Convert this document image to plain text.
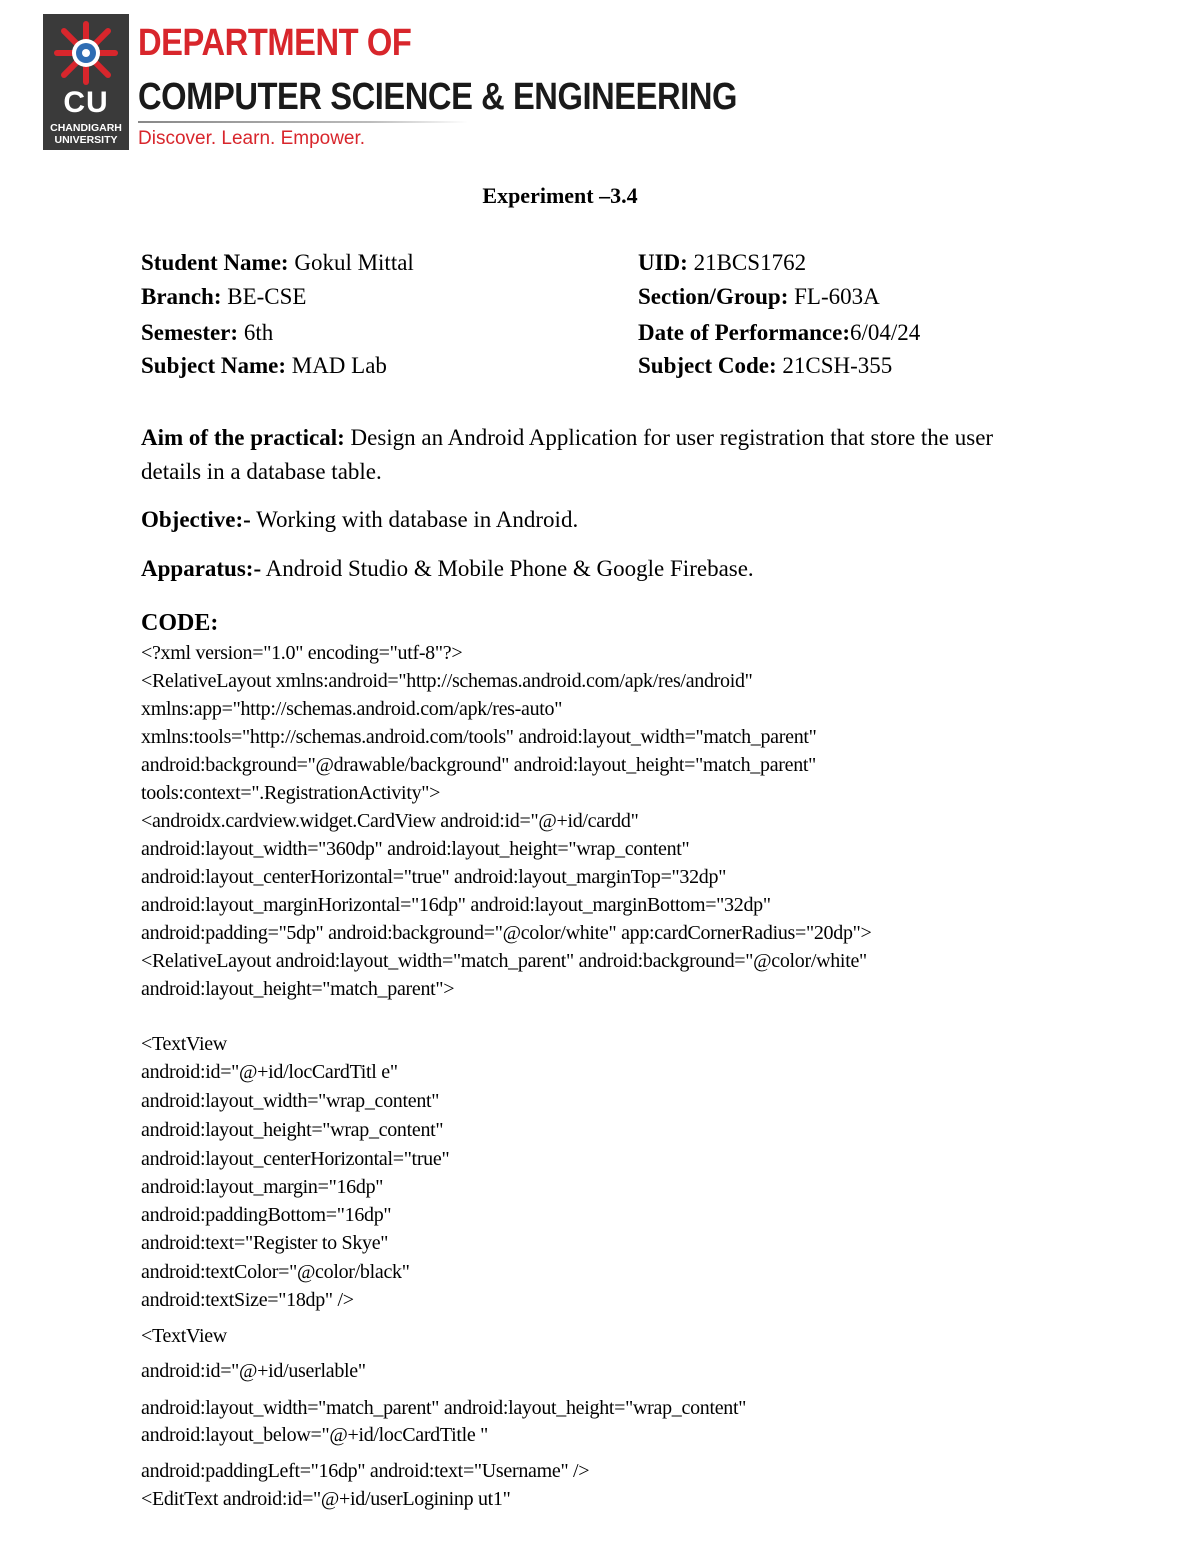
CU
CHANDIGARH UNIVERSITY
DEPARTMENT OF
COMPUTER SCIENCE & ENGINEERING
Discover. Learn. Empower.
Experiment –3.4
Student Name: Gokul Mittal	UID: 21BCS1762
Branch: BE-CSE	Section/Group: FL-603A
Semester: 6th	Date of Performance:6/04/24
Subject Name: MAD Lab	Subject Code: 21CSH-355
Aim of the practical: Design an Android Application for user registration that store the user details in a database table.
Objective:- Working with database in Android.
Apparatus:- Android Studio & Mobile Phone & Google Firebase.
CODE:
<?xml version="1.0" encoding="utf-8"?>
<RelativeLayout xmlns:android="http://schemas.android.com/apk/res/android"
xmlns:app="http://schemas.android.com/apk/res-auto"
xmlns:tools="http://schemas.android.com/tools" android:layout_width="match_parent"
android:background="@drawable/background" android:layout_height="match_parent"
tools:context=".RegistrationActivity">
<androidx.cardview.widget.CardView android:id="@+id/cardd"
android:layout_width="360dp" android:layout_height="wrap_content"
android:layout_centerHorizontal="true" android:layout_marginTop="32dp"
android:layout_marginHorizontal="16dp" android:layout_marginBottom="32dp"
android:padding="5dp" android:background="@color/white" app:cardCornerRadius="20dp">
<RelativeLayout android:layout_width="match_parent" android:background="@color/white"
android:layout_height="match_parent">
<TextView
android:id="@+id/locCardTitl e"
android:layout_width="wrap_content"
android:layout_height="wrap_content"
android:layout_centerHorizontal="true"
android:layout_margin="16dp"
android:paddingBottom="16dp"
android:text="Register to Skye"
android:textColor="@color/black"
android:textSize="18dp" />
<TextView
android:id="@+id/userlable"
android:layout_width="match_parent" android:layout_height="wrap_content"
android:layout_below="@+id/locCardTitle "
android:paddingLeft="16dp" android:text="Username" />
<EditText android:id="@+id/userLogininp ut1"
